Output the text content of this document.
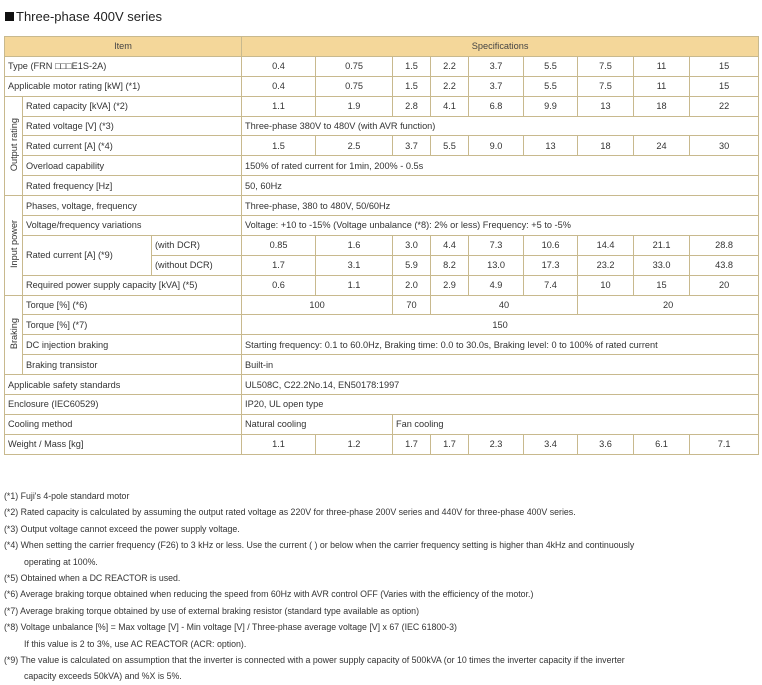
Three-phase 400V series
Item			Specifications								
Type (FRN □□□E1S-2A)			0.4	0.75	1.5	2.2	3.7	5.5	7.5	11	15
Applicable motor rating [kW] (*1)			0.4	0.75	1.5	2.2	3.7	5.5	7.5	11	15
Output rating	Rated capacity [kVA] (*2)		1.1	1.9	2.8	4.1	6.8	9.9	13	18	22
	Rated voltage [V] (*3)		Three-phase 380V to 480V (with AVR function)								
	Rated current [A] (*4)		1.5	2.5	3.7	5.5	9.0	13	18	24	30
	Overload capability		150% of rated current for 1min, 200% - 0.5s								
	Rated frequency [Hz]		50, 60Hz								
Input power	Phases, voltage, frequency		Three-phase, 380 to 480V, 50/60Hz								
	Voltage/frequency variations		Voltage: +10 to -15% (Voltage unbalance (*8): 2% or less) Frequency: +5 to -5%								
	Rated current [A] (*9)	(with DCR)	0.85	1.6	3.0	4.4	7.3	10.6	14.4	21.1	28.8
		(without DCR)	1.7	3.1	5.9	8.2	13.0	17.3	23.2	33.0	43.8
	Required power supply capacity [kVA] (*5)		0.6	1.1	2.0	2.9	4.9	7.4	10	15	20
Braking	Torque [%] (*6)		100		70	40			20		
	Torque [%] (*7)		150								
	DC injection braking		Starting frequency: 0.1 to 60.0Hz, Braking time: 0.0 to 30.0s, Braking level: 0 to 100% of rated current								
	Braking transistor		Built-in								
Applicable safety standards			UL508C, C22.2No.14, EN50178:1997								
Enclosure (IEC60529)			IP20, UL open type								
Cooling method			Natural cooling		Fan cooling						
Weight / Mass [kg]			1.1	1.2	1.7	1.7	2.3	3.4	3.6	6.1	7.1
(*1) Fuji's 4-pole standard motor
(*2) Rated capacity is calculated by assuming the output rated voltage as 220V for three-phase 200V series and 440V for three-phase 400V series.
(*3) Output voltage cannot exceed the power supply voltage.
(*4) When setting the carrier frequency (F26) to 3 kHz or less. Use the current ( ) or below when the carrier frequency setting is higher than 4kHz and continuously
operating at 100%.
(*5) Obtained when a DC REACTOR is used.
(*6) Average braking torque obtained when reducing the speed from 60Hz with AVR control OFF (Varies with the efficiency of the motor.)
(*7) Average braking torque obtained by use of external braking resistor (standard type available as option)
(*8) Voltage unbalance [%] = Max voltage [V] - Min voltage [V] / Three-phase average voltage [V] x 67 (IEC 61800-3)
If this value is 2 to 3%, use AC REACTOR (ACR: option).
(*9) The value is calculated on assumption that the inverter is connected with a power supply capacity of 500kVA (or 10 times the inverter capacity if the inverter
capacity exceeds 50kVA) and %X is 5%.
